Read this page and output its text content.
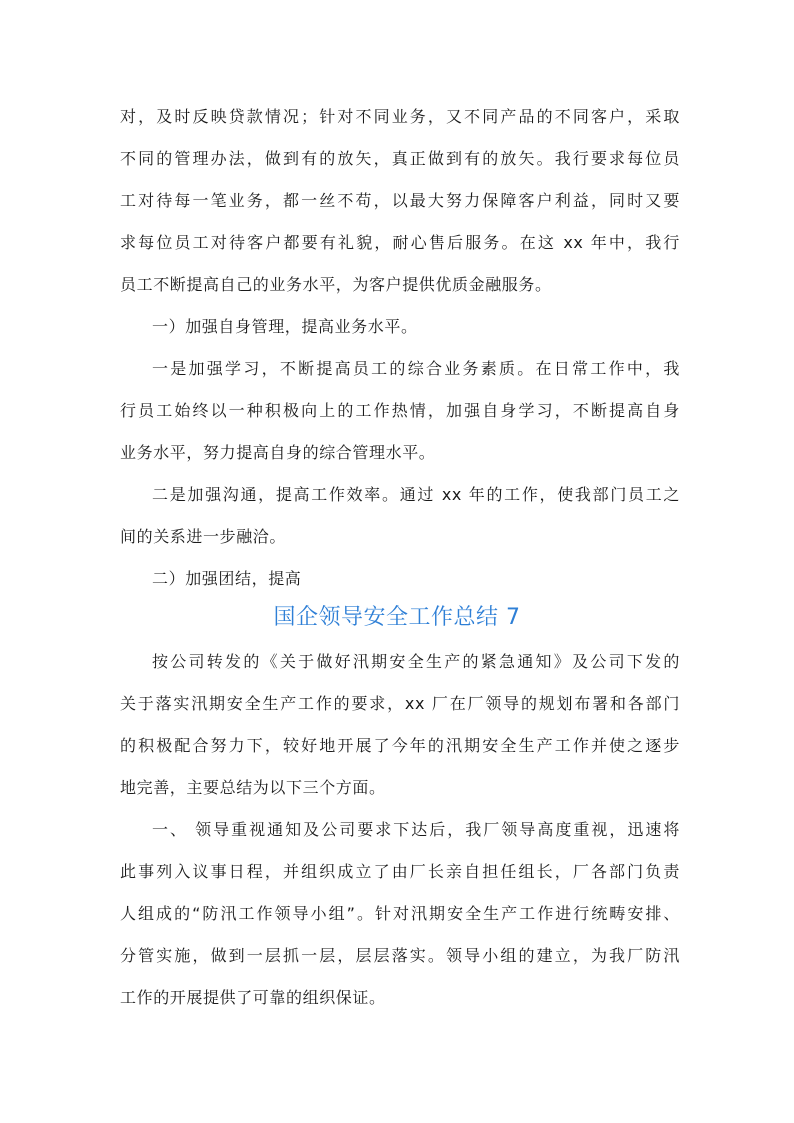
对，及时反映贷款情况；针对不同业务，又不同产品的不同客户，采取
不同的管理办法，做到有的放矢，真正做到有的放矢。我行要求每位员
工对待每一笔业务，都一丝不苟，以最大努力保障客户利益，同时又要
求每位员工对待客户都要有礼貌，耐心售后服务。在这 xx 年中，我行
员工不断提高自己的业务水平，为客户提供优质金融服务。
一）加强自身管理，提高业务水平。
一是加强学习，不断提高员工的综合业务素质。在日常工作中，我
行员工始终以一种积极向上的工作热情，加强自身学习，不断提高自身
业务水平，努力提高自身的综合管理水平。
二是加强沟通，提高工作效率。通过 xx 年的工作，使我部门员工之
间的关系进一步融洽。
二）加强团结，提高
国企领导安全工作总结 7
按公司转发的《关于做好汛期安全生产的紧急通知》及公司下发的
关于落实汛期安全生产工作的要求，xx 厂在厂领导的规划布署和各部门
的积极配合努力下，较好地开展了今年的汛期安全生产工作并使之逐步
地完善，主要总结为以下三个方面。
一、 领导重视通知及公司要求下达后，我厂领导高度重视，迅速将
此事列入议事日程，并组织成立了由厂长亲自担任组长，厂各部门负责
人组成的“防汛工作领导小组”。针对汛期安全生产工作进行统畴安排、
分管实施，做到一层抓一层，层层落实。领导小组的建立，为我厂防汛
工作的开展提供了可靠的组织保证。
